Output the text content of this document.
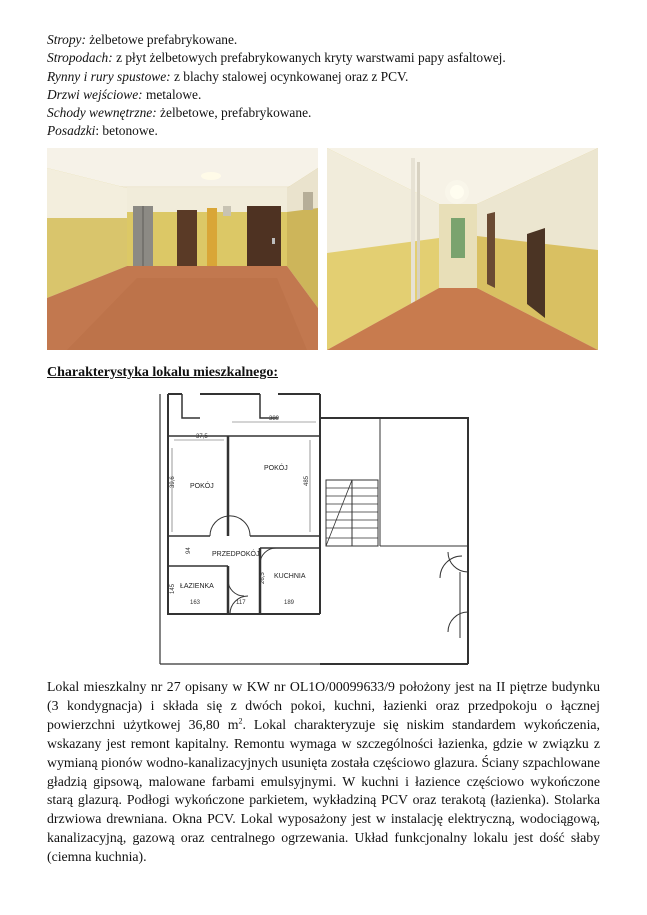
Stropy: żelbetowe prefabrykowane.
Stropodach: z płyt żelbetowych prefabrykowanych kryty warstwami papy asfaltowej.
Rynny i rury spustowe: z blachy stalowej ocynkowanej oraz z PCV.
Drzwi wejściowe: metalowe.
Schody wewnętrzne: żelbetowe, prefabrykowane.
Posadzki: betonowe.
Charakterystyka lokalu mieszkalnego:
37,5
389
39,6	485
94
145
163	117	189
26,5
POKÓJ
POKÓJ
PRZEDPOKÓJ
ŁAZIENKA
KUCHNIA
Lokal mieszkalny nr 27 opisany w KW nr OL1O/00099633/9 położony jest na II piętrze budynku (3 kondygnacja) i składa się z dwóch pokoi, kuchni, łazienki oraz przedpokoju o łącznej powierzchni użytkowej 36,80 $m^2$. Lokal charakteryzuje się niskim standardem wykończenia, wskazany jest remont kapitalny. Remontu wymaga w szczególności łazienka, gdzie w związku z wymianą pionów wodno-kanalizacyjnych usunięta została częściowo glazura. Ściany szpachlowane gładzią gipsową, malowane farbami emulsyjnymi. W kuchni i łazience częściowo wykończone starą glazurą. Podłogi wykończone parkietem, wykładziną PCV oraz terakotą (łazienka). Stolarka drzwiowa drewniana. Okna PCV. Lokal wyposażony jest w instalację elektryczną, wodociągową, kanalizacyjną, gazową oraz centralnego ogrzewania. Układ funkcjonalny lokalu jest dość słaby (ciemna kuchnia).
